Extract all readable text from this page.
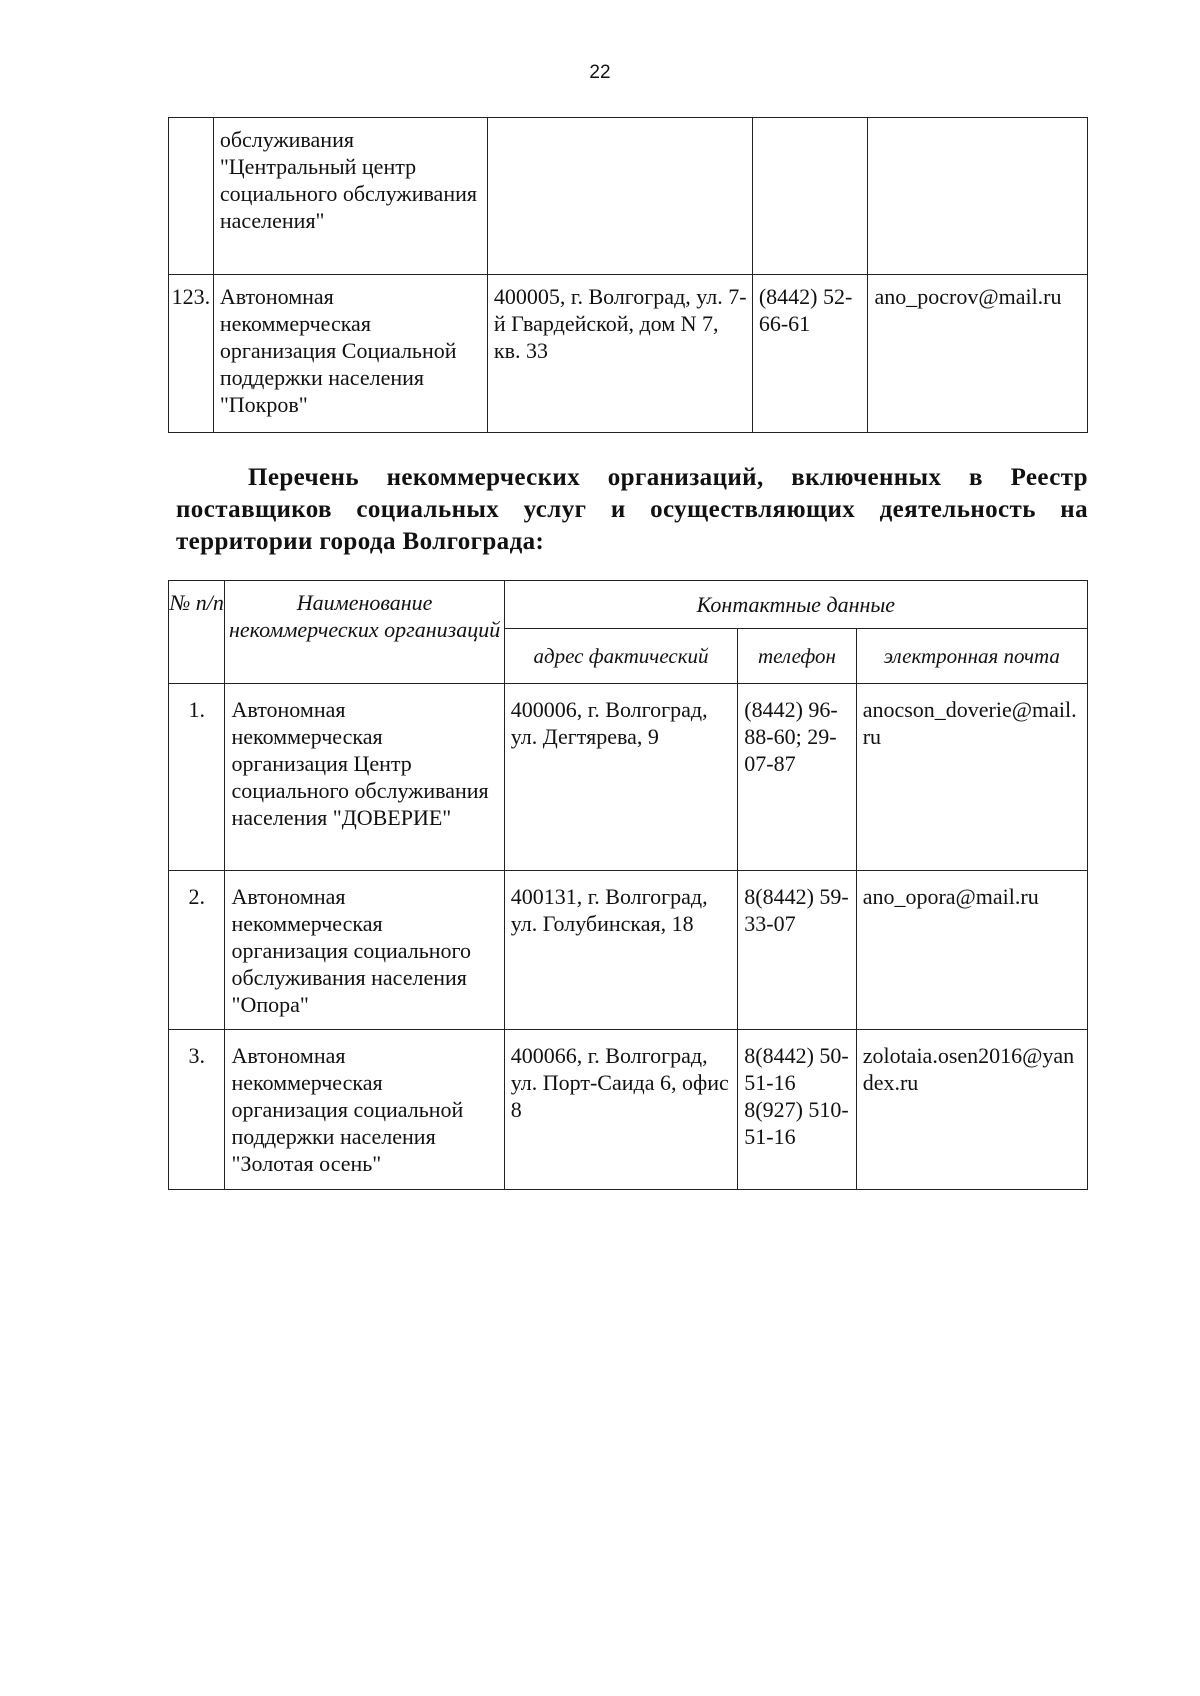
22
	обслуживания "Центральный центр социального обслуживания населения"			
123.	Автономная некоммерческая организация Социальной поддержки населения "Покров"	400005, г. Волгоград, ул. 7-й Гвардейской, дом N 7, кв. 33	(8442) 52-66-61	ano_pocrov@mail.ru
Перечень некоммерческих организаций, включенных в Реестр поставщиков социальных услуг и осуществляющих деятельность на территории города Волгограда:
№ п/п	Наименование некоммерческих организаций	Контактные данные		
		адрес фактический	телефон	электронная почта
1.	Автономная некоммерческая организация Центр социального обслуживания населения "ДОВЕРИЕ"	400006, г. Волгоград, ул. Дегтярева, 9	(8442) 96-88-60; 29-07-87	anocson_doverie@mail.ru
2.	Автономная некоммерческая организация социального обслуживания населения "Опора"	400131, г. Волгоград, ул. Голубинская, 18	8(8442) 59-33-07	ano_opora@mail.ru
3.	Автономная некоммерческая организация социальной поддержки населения "Золотая осень"	400066, г. Волгоград, ул. Порт-Саида 6, офис 8	8(8442) 50-51-16 8(927) 510-51-16	zolotaia.osen2016@yandex.ru
